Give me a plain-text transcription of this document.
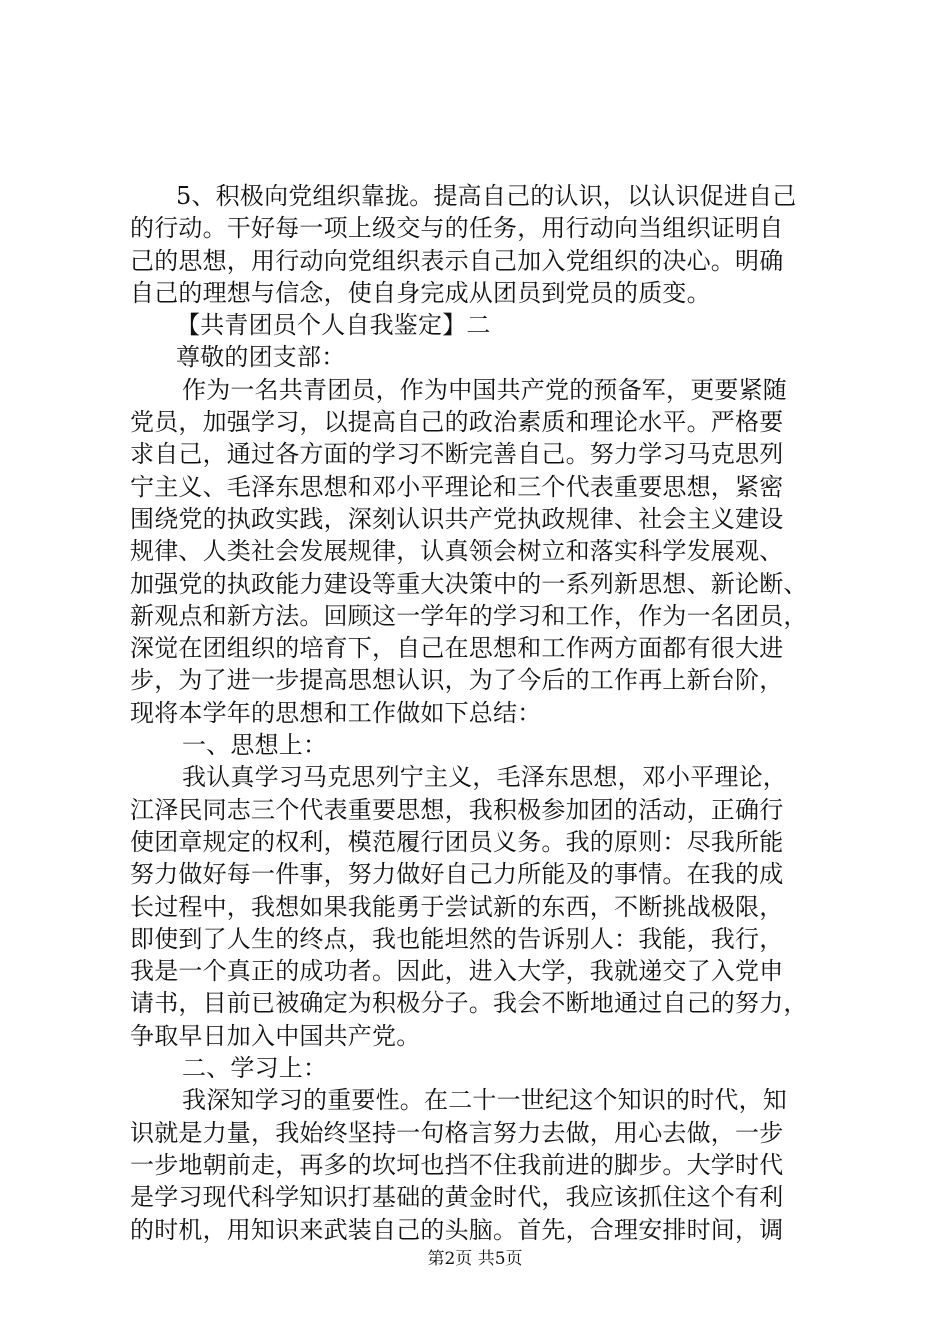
5、积极向党组织靠拢。提高自己的认识，以认识促进自己
的行动。干好每一项上级交与的任务，用行动向当组织证明自
己的思想，用行动向党组织表示自己加入党组织的决心。明确
自己的理想与信念，使自身完成从团员到党员的质变。
【共青团员个人自我鉴定】二
尊敬的团支部：
作为一名共青团员，作为中国共产党的预备军，更要紧随
党员，加强学习，以提高自己的政治素质和理论水平。严格要
求自己，通过各方面的学习不断完善自己。努力学习马克思列
宁主义、毛泽东思想和邓小平理论和三个代表重要思想，紧密
围绕党的执政实践，深刻认识共产党执政规律、社会主义建设
规律、人类社会发展规律，认真领会树立和落实科学发展观、
加强党的执政能力建设等重大决策中的一系列新思想、新论断、
新观点和新方法。回顾这一学年的学习和工作，作为一名团员，
深觉在团组织的培育下，自己在思想和工作两方面都有很大进
步，为了进一步提高思想认识，为了今后的工作再上新台阶，
现将本学年的思想和工作做如下总结：
一、思想上：
我认真学习马克思列宁主义，毛泽东思想，邓小平理论，
江泽民同志三个代表重要思想，我积极参加团的活动，正确行
使团章规定的权利，模范履行团员义务。我的原则：尽我所能
努力做好每一件事，努力做好自己力所能及的事情。在我的成
长过程中，我想如果我能勇于尝试新的东西，不断挑战极限，
即使到了人生的终点，我也能坦然的告诉别人：我能，我行，
我是一个真正的成功者。因此，进入大学，我就递交了入党申
请书，目前已被确定为积极分子。我会不断地通过自己的努力，
争取早日加入中国共产党。
二、学习上：
我深知学习的重要性。在二十一世纪这个知识的时代，知
识就是力量，我始终坚持一句格言努力去做，用心去做，一步
一步地朝前走，再多的坎坷也挡不住我前进的脚步。大学时代
是学习现代科学知识打基础的黄金时代，我应该抓住这个有利
的时机，用知识来武装自己的头脑。首先，合理安排时间，调
第2页 共5页
